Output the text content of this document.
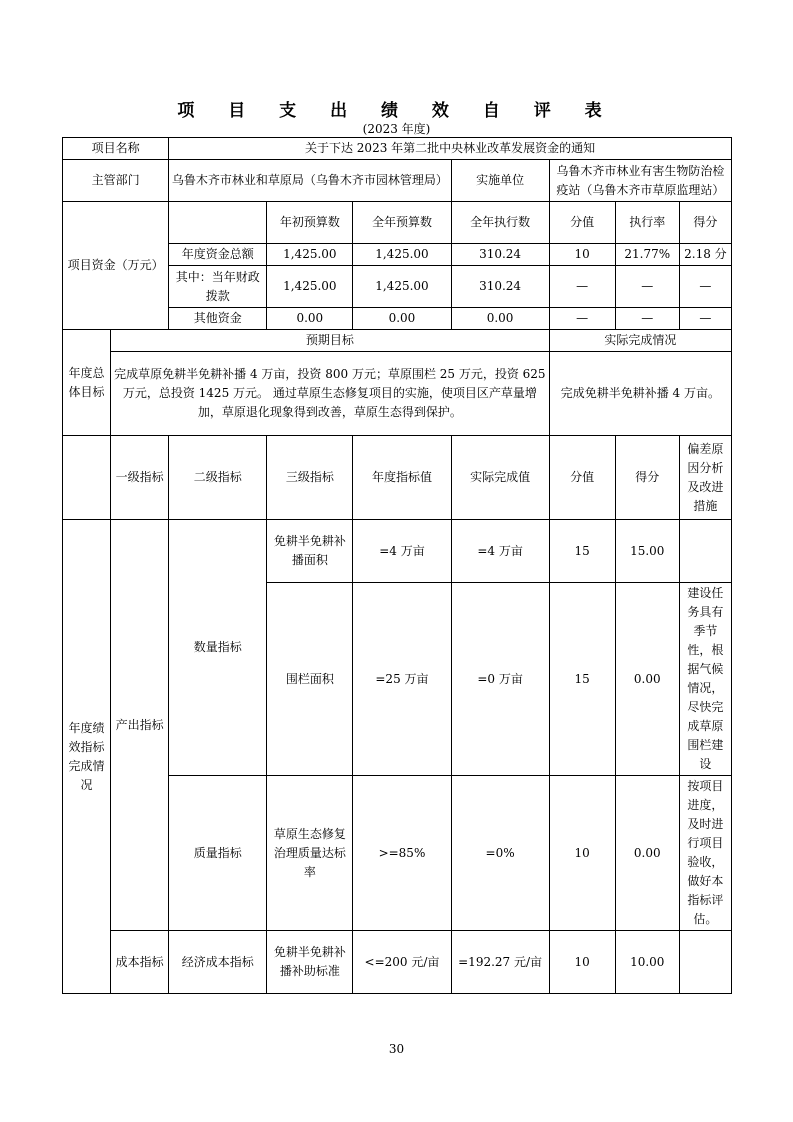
项 目 支 出 绩 效 自 评 表
(2023 年度)
项目名称		关于下达 2023 年第二批中央林业改革发展资金的通知						
主管部门		乌鲁木齐市林业和草原局（乌鲁木齐市园林管理局）			实施单位	乌鲁木齐市林业有害生物防治检疫站（乌鲁木齐市草原监理站）		
项目资金（万元）			年初预算数	全年预算数	全年执行数	分值	执行率	得分
		年度资金总额	1,425.00	1,425.00	310.24	10	21.77%	2.18 分
		其中：当年财政拨款	1,425.00	1,425.00	310.24	—	—	—
		其他资金	0.00	0.00	0.00	—	—	—
年度总体目标	预期目标					实际完成情况		
	完成草原免耕半免耕补播 4 万亩，投资 800 万元；草原围栏 25 万元，投资 625 万元，总投资 1425 万元。 通过草原生态修复项目的实施，使项目区产草量增加，草原退化现象得到改善，草原生态得到保护。					完成免耕半免耕补播 4 万亩。		
	一级指标	二级指标	三级指标	年度指标值	实际完成值	分值	得分	偏差原因分析及改进措施
年度绩效指标完成情况	产出指标	数量指标	免耕半免耕补播面积	=4 万亩	=4 万亩	15	15.00	
			围栏面积	=25 万亩	=0 万亩	15	0.00	建设任务具有季节性，根据气候情况，尽快完成草原围栏建设
		质量指标	草原生态修复治理质量达标率	>=85%	=0%	10	0.00	按项目进度，及时进行项目验收，做好本指标评估。
	成本指标	经济成本指标	免耕半免耕补播补助标准	<=200 元/亩	=192.27 元/亩	10	10.00	
30
